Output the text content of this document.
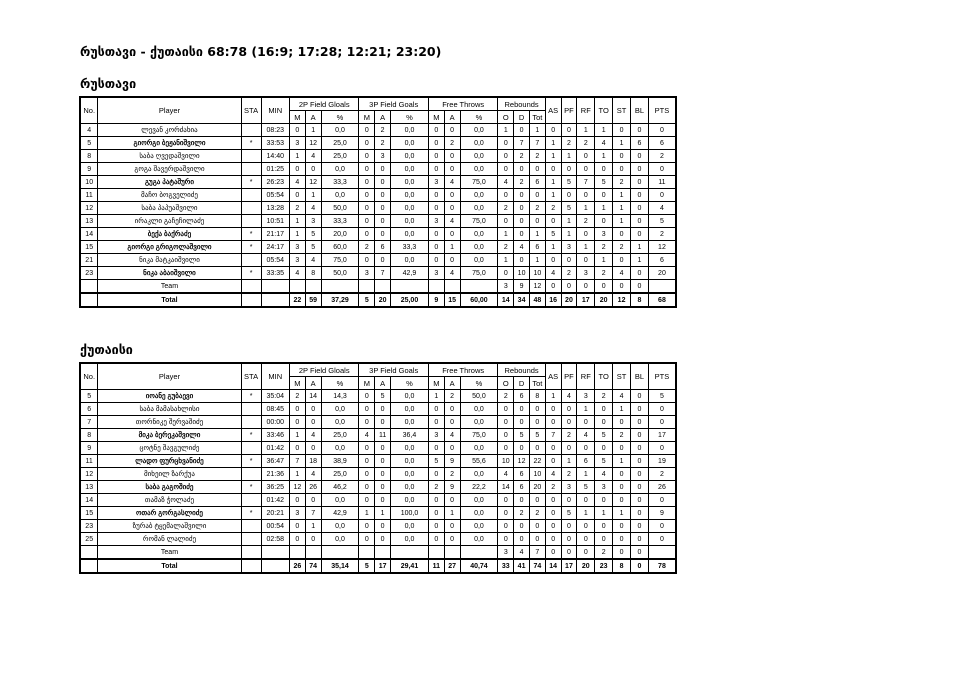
რუსთავი - ქუთაისი 68:78 (16:9; 17:28; 12:21; 23:20)
რუსთავი
ქუთაისი
No.	Player	STA	MIN	2P Field Gloals			3P Field Goals			Free Throws			Rebounds			AS	PF	RF	TO	ST	BL	PTS
				M	A	%	M	A	%	M	A	%	O	D	Tot							
4	ლევან კორძახია		08:23	0	1	0,0	0	2	0,0	0	0	0,0	1	0	1	0	0	1	1	0	0	0
5	გიორგი ბეჟანიშვილი	*	33:53	3	12	25,0	0	2	0,0	0	2	0,0	0	7	7	1	2	2	4	1	6	6
8	საბა ღვედაშვილი		14:40	1	4	25,0	0	3	0,0	0	0	0,0	0	2	2	1	1	0	1	0	0	2
9	გოგა შავერდაშვილი		01:25	0	0	0,0	0	0	0,0	0	0	0,0	0	0	0	0	0	0	0	0	0	0
10	გუგა პატაშური	*	26:23	4	12	33,3	0	0	0,0	3	4	75,0	4	2	6	1	5	7	5	2	0	11
11	მაჩო ბოგველიძე		05:54	0	1	0,0	0	0	0,0	0	0	0,0	0	0	0	1	0	0	0	1	0	0
12	საბა პაპუაშვილი		13:28	2	4	50,0	0	0	0,0	0	0	0,0	2	0	2	2	5	1	1	1	0	4
13	ირაკლი გაჩეჩილაძე		10:51	1	3	33,3	0	0	0,0	3	4	75,0	0	0	0	0	1	2	0	1	0	5
14	ბექა ბაქრაძე	*	21:17	1	5	20,0	0	0	0,0	0	0	0,0	1	0	1	5	1	0	3	0	0	2
15	გიორგი გრიგოლაშვილი	*	24:17	3	5	60,0	2	6	33,3	0	1	0,0	2	4	6	1	3	1	2	2	1	12
21	ნიკა მატკაიშვილი		05:54	3	4	75,0	0	0	0,0	0	0	0,0	1	0	1	0	0	0	1	0	1	6
23	ნიკა აბაიშვილი	*	33:35	4	8	50,0	3	7	42,9	3	4	75,0	0	10	10	4	2	3	2	4	0	20
	Team												3	9	12	0	0	0	0	0	0	
	Total			22	59	37,29	5	20	25,00	9	15	60,00	14	34	48	16	20	17	20	12	8	68
No.	Player	STA	MIN	2P Field Gloals			3P Field Goals			Free Throws			Rebounds			AS	PF	RF	TO	ST	BL	PTS
				M	A	%	M	A	%	M	A	%	O	D	Tot							
5	იოანე გუბაევი	*	35:04	2	14	14,3	0	5	0,0	1	2	50,0	2	6	8	1	4	3	2	4	0	5
6	საბა მამასახლისი		08:45	0	0	0,0	0	0	0,0	0	0	0,0	0	0	0	0	0	1	0	1	0	0
7	თორნიკე შერვაშიძე		00:00	0	0	0,0	0	0	0,0	0	0	0,0	0	0	0	0	0	0	0	0	0	0
8	მიკა ბერეკაშვილი	*	33:46	1	4	25,0	4	11	36,4	3	4	75,0	0	5	5	7	2	4	5	2	0	17
9	ცოტნე შავგულიძე		01:42	0	0	0,0	0	0	0,0	0	0	0,0	0	0	0	0	0	0	0	0	0	0
11	ლადო ფურცხვანიძე	*	36:47	7	18	38,9	0	0	0,0	5	9	55,6	10	12	22	0	1	6	5	1	0	19
12	მიხეილ ზარქუა		21:36	1	4	25,0	0	0	0,0	0	2	0,0	4	6	10	4	2	1	4	0	0	2
13	საბა გაგოშიძე	*	36:25	12	26	46,2	0	0	0,0	2	9	22,2	14	6	20	2	3	5	3	0	0	26
14	თამაზ ჭოლაძე		01:42	0	0	0,0	0	0	0,0	0	0	0,0	0	0	0	0	0	0	0	0	0	0
15	ოთარ გორგასლიძე	*	20:21	3	7	42,9	1	1	100,0	0	1	0,0	0	2	2	0	5	1	1	1	0	9
23	ზურაბ ტყემალაშვილი		00:54	0	1	0,0	0	0	0,0	0	0	0,0	0	0	0	0	0	0	0	0	0	0
25	რომან ლალიძე		02:58	0	0	0,0	0	0	0,0	0	0	0,0	0	0	0	0	0	0	0	0	0	0
	Team												3	4	7	0	0	0	2	0	0	
	Total			26	74	35,14	5	17	29,41	11	27	40,74	33	41	74	14	17	20	23	8	0	78
